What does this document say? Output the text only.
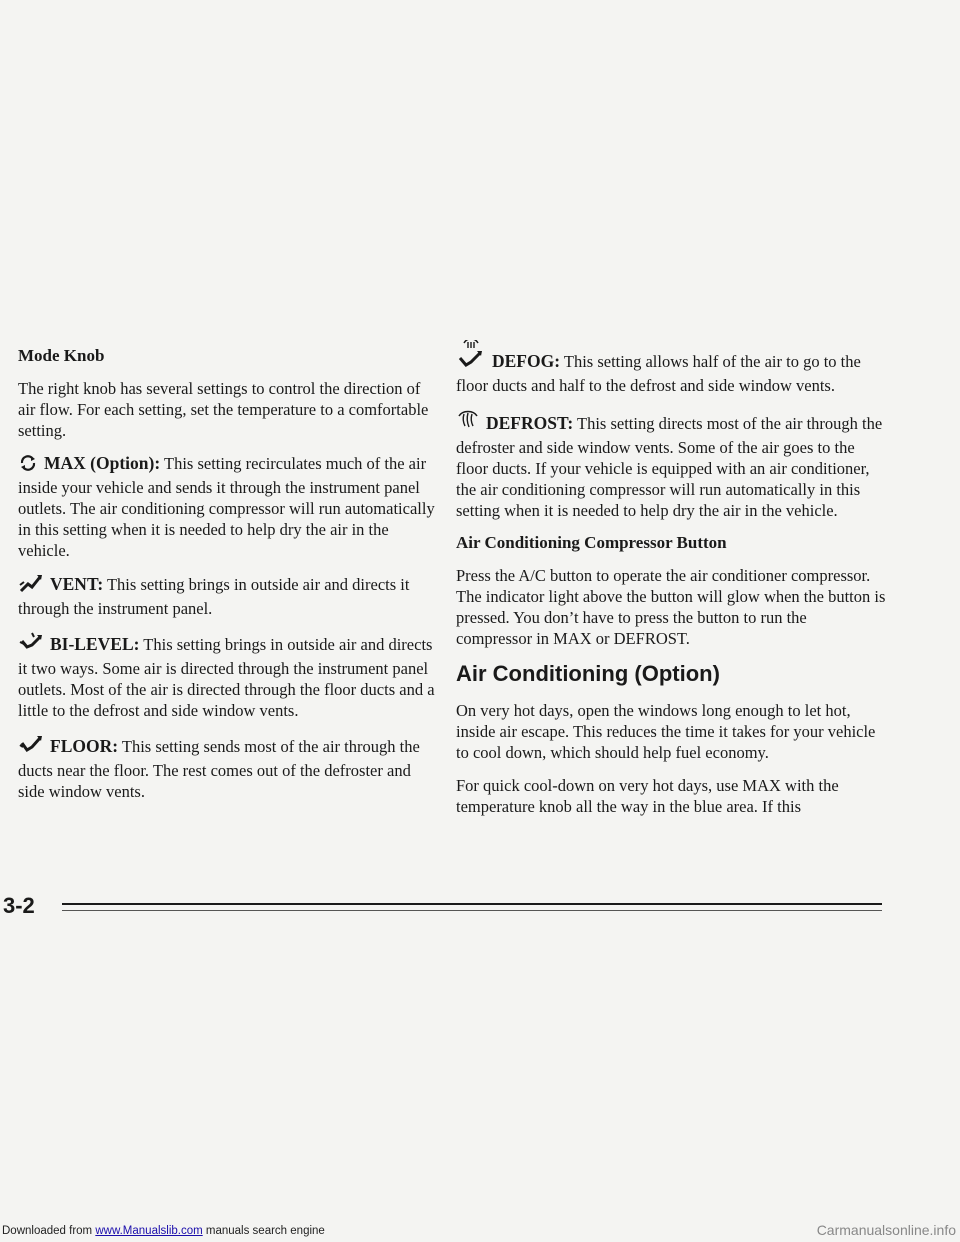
Mode Knob

The right knob has several settings to control the direction of air flow. For each setting, set the temperature to a comfortable setting.

MAX (Option): This setting recirculates much of the air inside your vehicle and sends it through the instrument panel outlets. The air conditioning compressor will run automatically in this setting when it is needed to help dry the air in the vehicle.

VENT: This setting brings in outside air and directs it through the instrument panel.

BI-LEVEL: This setting brings in outside air and directs it two ways. Some air is directed through the instrument panel outlets. Most of the air is directed through the floor ducts and a little to the defrost and side window vents.

FLOOR: This setting sends most of the air through the ducts near the floor. The rest comes out of the defroster and side window vents.

DEFOG: This setting allows half of the air to go to the floor ducts and half to the defrost and side window vents.

DEFROST: This setting directs most of the air through the defroster and side window vents. Some of the air goes to the floor ducts. If your vehicle is equipped with an air conditioner, the air conditioning compressor will run automatically in this setting when it is needed to help dry the air in the vehicle.

Air Conditioning Compressor Button

Press the A/C button to operate the air conditioner compressor. The indicator light above the button will glow when the button is pressed. You don’t have to press the button to run the compressor in MAX or DEFROST.

Air Conditioning (Option)

On very hot days, open the windows long enough to let hot, inside air escape. This reduces the time it takes for your vehicle to cool down, which should help fuel economy.

For quick cool-down on very hot days, use MAX with the temperature knob all the way in the blue area. If this

3-2
Downloaded from www.Manualslib.com manuals search engine	Carmanualsonline.info
